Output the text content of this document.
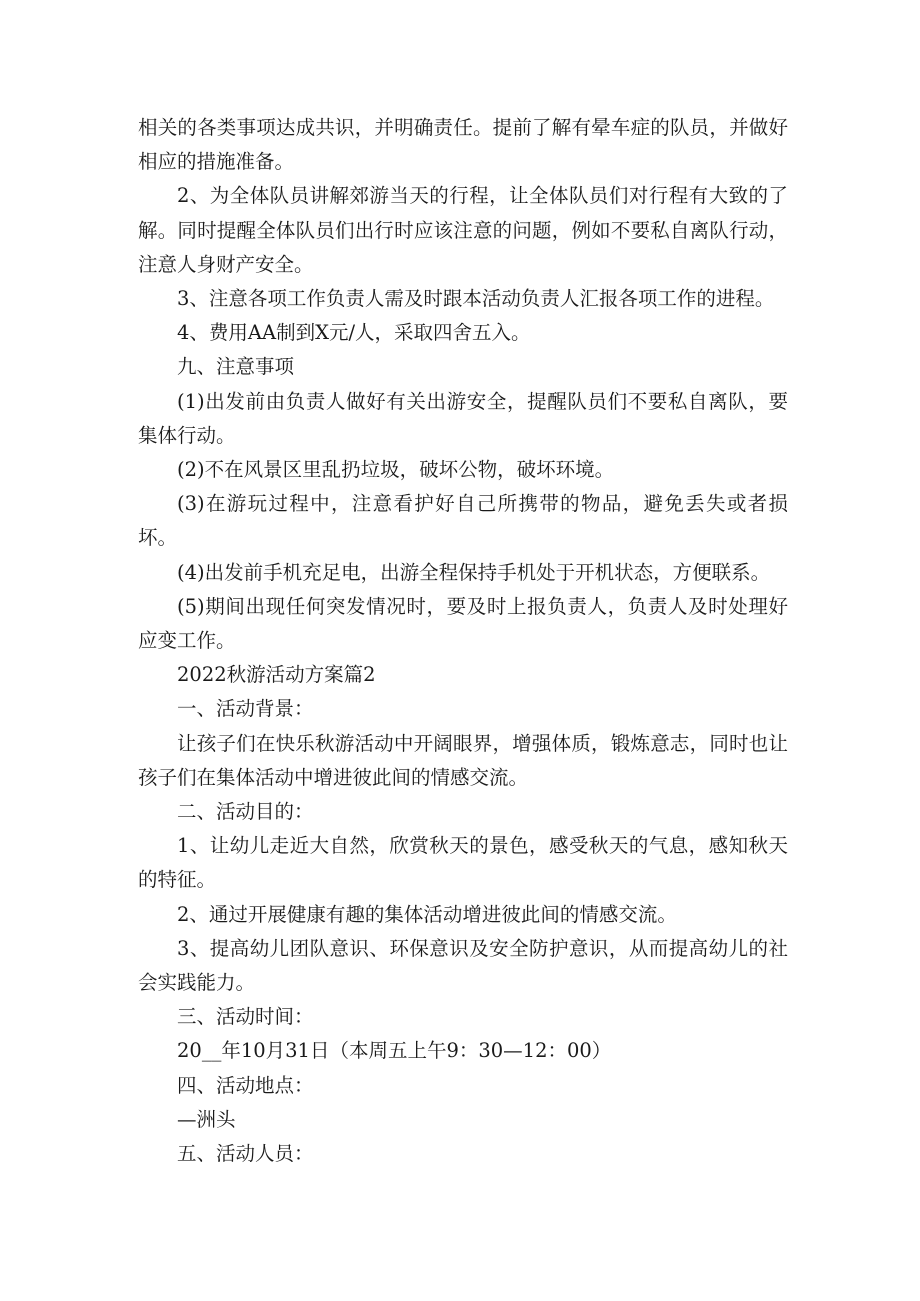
相关的各类事项达成共识，并明确责任。提前了解有晕车症的队员，并做好相应的措施准备。

2、为全体队员讲解郊游当天的行程，让全体队员们对行程有大致的了解。同时提醒全体队员们出行时应该注意的问题，例如不要私自离队行动，注意人身财产安全。

3、注意各项工作负责人需及时跟本活动负责人汇报各项工作的进程。

4、费用AA制到X元/人，采取四舍五入。

九、注意事项

(1)出发前由负责人做好有关出游安全，提醒队员们不要私自离队，要集体行动。

(2)不在风景区里乱扔垃圾，破坏公物，破坏环境。

(3)在游玩过程中，注意看护好自己所携带的物品，避免丢失或者损坏。

(4)出发前手机充足电，出游全程保持手机处于开机状态，方便联系。

(5)期间出现任何突发情况时，要及时上报负责人，负责人及时处理好应变工作。

2022秋游活动方案篇2

一、活动背景：

让孩子们在快乐秋游活动中开阔眼界，增强体质，锻炼意志，同时也让孩子们在集体活动中增进彼此间的情感交流。

二、活动目的：

1、让幼儿走近大自然，欣赏秋天的景色，感受秋天的气息，感知秋天的特征。

2、通过开展健康有趣的集体活动增进彼此间的情感交流。

3、提高幼儿团队意识、环保意识及安全防护意识，从而提高幼儿的社会实践能力。

三、活动时间：

20__年10月31日（本周五上午9：30—12：00）

四、活动地点：

—洲头

五、活动人员：
